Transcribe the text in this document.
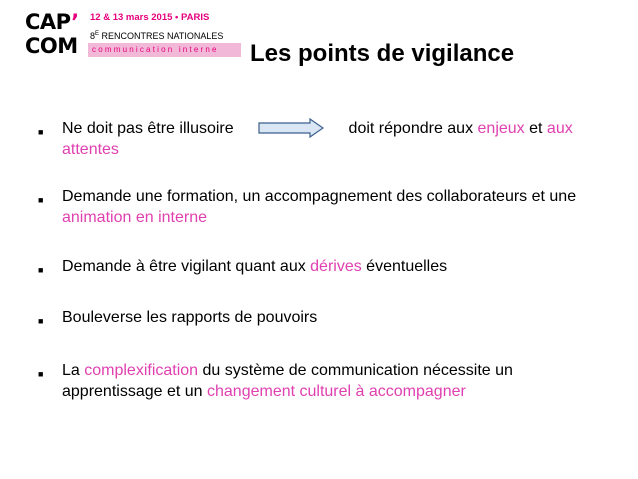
CAP’
COM
12 & 13 mars 2015 • PARIS
$8^E$ RENCONTRES NATIONALES
communication interne	Les points de vigilance
■ Ne doit pas être illusoire	doit répondre aux enjeux et aux attentes
■ Demande une formation, un accompagnement des collaborateurs et une animation en interne
■ Demande à être vigilant quant aux dérives éventuelles
■ Bouleverse les rapports de pouvoirs
■ La complexification du système de communication nécessite un apprentissage et un changement culturel à accompagner
